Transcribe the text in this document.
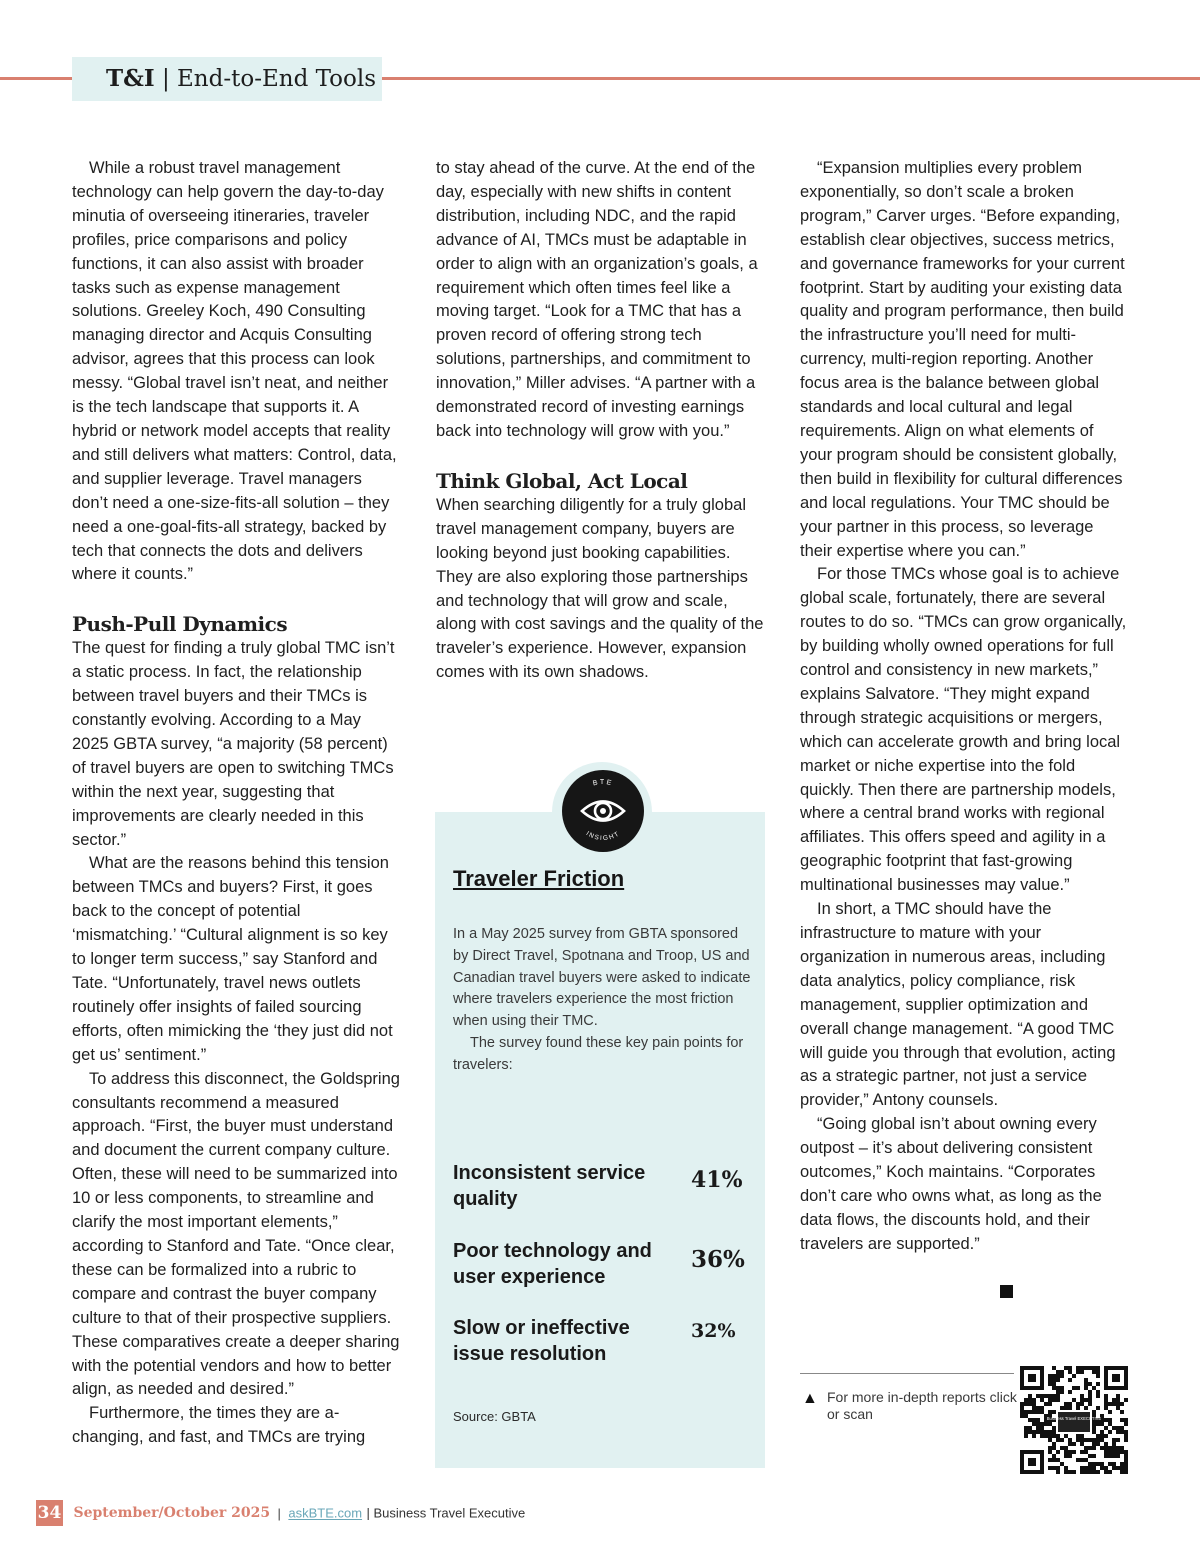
T&I | End-to-End Tools

While a robust travel management technology can help govern the day-to-day minutia of overseeing itineraries, traveler profiles, price comparisons and policy functions, it can also assist with broader tasks such as expense management solutions. Greeley Koch, 490 Consulting managing director and Acquis Consulting advisor, agrees that this process can look messy. “Global travel isn’t neat, and neither is the tech landscape that supports it. A hybrid or network model accepts that reality and still delivers what matters: Control, data, and supplier leverage. Travel managers don’t need a one-size-fits-all solution – they need a one-goal-fits-all strategy, backed by tech that connects the dots and delivers where it counts.”

Push-Pull Dynamics

The quest for finding a truly global TMC isn’t a static process. In fact, the relationship between travel buyers and their TMCs is constantly evolving. According to a May 2025 GBTA survey, “a majority (58 percent) of travel buyers are open to switching TMCs within the next year, suggesting that improvements are clearly needed in this sector.”

What are the reasons behind this tension between TMCs and buyers? First, it goes back to the concept of potential ‘mismatching.’ “Cultural alignment is so key to longer term success,” say Stanford and Tate. “Unfortunately, travel news outlets routinely offer insights of failed sourcing efforts, often mimicking the ‘they just did not get us’ sentiment.”

To address this disconnect, the Goldspring consultants recommend a measured approach. “First, the buyer must understand and document the current company culture. Often, these will need to be summarized into 10 or less components, to streamline and clarify the most important elements,” according to Stanford and Tate. “Once clear, these can be formalized into a rubric to compare and contrast the buyer company culture to that of their prospective suppliers. These comparatives create a deeper sharing with the potential vendors and how to better align, as needed and desired.”

Furthermore, the times they are a-changing, and fast, and TMCs are trying

to stay ahead of the curve. At the end of the day, especially with new shifts in content distribution, including NDC, and the rapid advance of AI, TMCs must be adaptable in order to align with an organization’s goals, a requirement which often times feel like a moving target. “Look for a TMC that has a proven record of offering strong tech solutions, partnerships, and commitment to innovation,” Miller advises. “A partner with a demonstrated record of investing earnings back into technology will grow with you.”

Think Global, Act Local

When searching diligently for a truly global travel management company, buyers are looking beyond just booking capabilities. They are also exploring those partnerships and technology that will grow and scale, along with cost savings and the quality of the traveler’s experience. However, expansion comes with its own shadows.

“Expansion multiplies every problem exponentially, so don’t scale a broken program,” Carver urges. “Before expanding, establish clear objectives, success metrics, and governance frameworks for your current footprint. Start by auditing your existing data quality and program performance, then build the infrastructure you’ll need for multi-currency, multi-region reporting. Another focus area is the balance between global standards and local cultural and legal requirements. Align on what elements of your program should be consistent globally, then build in flexibility for cultural differences and local regulations. Your TMC should be your partner in this process, so leverage their expertise where you can.”

For those TMCs whose goal is to achieve global scale, fortunately, there are several routes to do so. “TMCs can grow organically, by building wholly owned operations for full control and consistency in new markets,” explains Salvatore. “They might expand through strategic acquisitions or mergers, which can accelerate growth and bring local market or niche expertise into the fold quickly. Then there are partnership models, where a central brand works with regional affiliates. This offers speed and agility in a geographic footprint that fast-growing multinational businesses may value.”

In short, a TMC should have the infrastructure to mature with your organization in numerous areas, including data analytics, policy compliance, risk management, supplier optimization and overall change management. “A good TMC will guide you through that evolution, acting as a strategic partner, not just a service provider,” Antony counsels.

“Going global isn’t about owning every outpost – it’s about delivering consistent outcomes,” Koch maintains. “Corporates don’t care who owns what, as long as the data flows, the discounts hold, and their travelers are supported.”

BTE
INSIGHT
Traveler Friction

In a May 2025 survey from GBTA sponsored by Direct Travel, Spotnana and Troop, US and Canadian travel buyers were asked to indicate where travelers experience the most friction when using their TMC.

The survey found these key pain points for travelers:

Inconsistent service quality
41%
Poor technology and user experience
36%
Slow or ineffective issue resolution
32%
Source: GBTA
▲ For more in-depth reports click or scan	Business Travel EXECUTIVE
34 September/October 2025 | askBTE.com | Business Travel Executive
